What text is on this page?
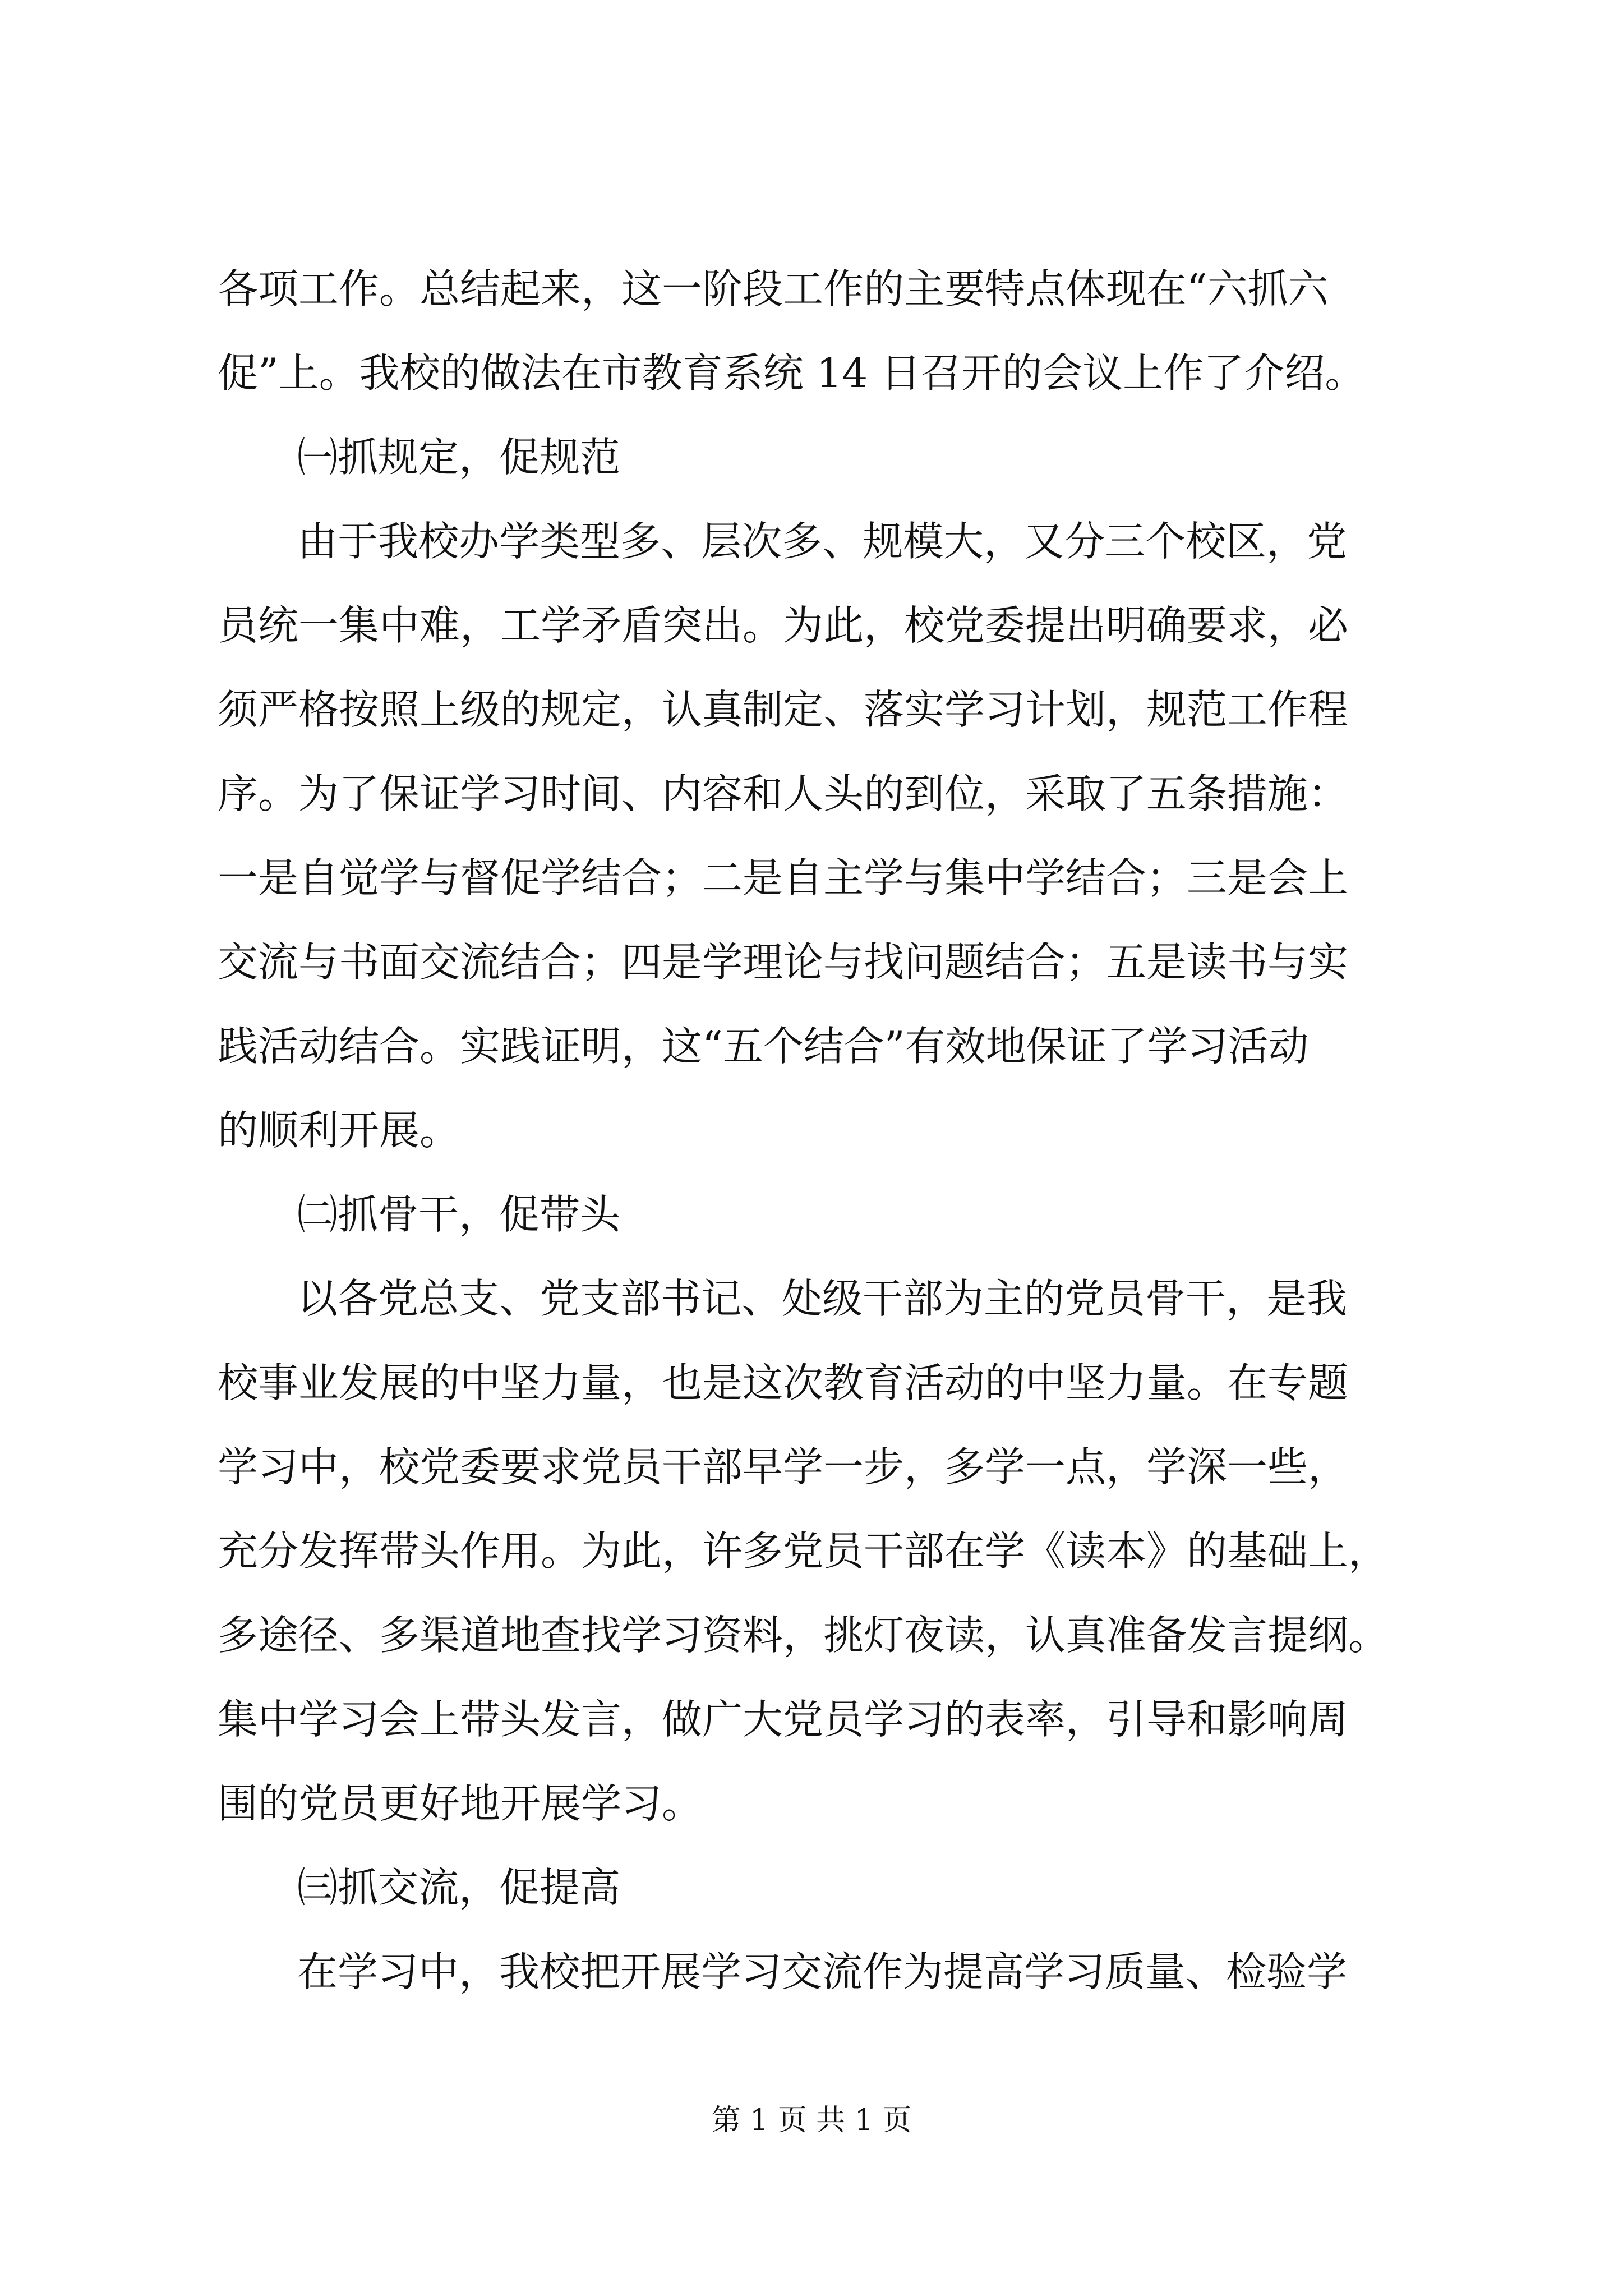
各项工作。总结起来，这一阶段工作的主要特点体现在“六抓六
促”上。我校的做法在市教育系统 14 日召开的会议上作了介绍。
㈠抓规定，促规范
由于我校办学类型多、层次多、规模大，又分三个校区，党
员统一集中难，工学矛盾突出。为此，校党委提出明确要求，必
须严格按照上级的规定，认真制定、落实学习计划，规范工作程
序。为了保证学习时间、内容和人头的到位，采取了五条措施：
一是自觉学与督促学结合；二是自主学与集中学结合；三是会上
交流与书面交流结合；四是学理论与找问题结合；五是读书与实
践活动结合。实践证明，这“五个结合”有效地保证了学习活动
的顺利开展。
㈡抓骨干，促带头
以各党总支、党支部书记、处级干部为主的党员骨干，是我
校事业发展的中坚力量，也是这次教育活动的中坚力量。在专题
学习中，校党委要求党员干部早学一步，多学一点，学深一些，
充分发挥带头作用。为此，许多党员干部在学《读本》的基础上，
多途径、多渠道地查找学习资料，挑灯夜读，认真准备发言提纲。
集中学习会上带头发言，做广大党员学习的表率，引导和影响周
围的党员更好地开展学习。
㈢抓交流，促提高
在学习中，我校把开展学习交流作为提高学习质量、检验学
第 1 页 共 1 页
